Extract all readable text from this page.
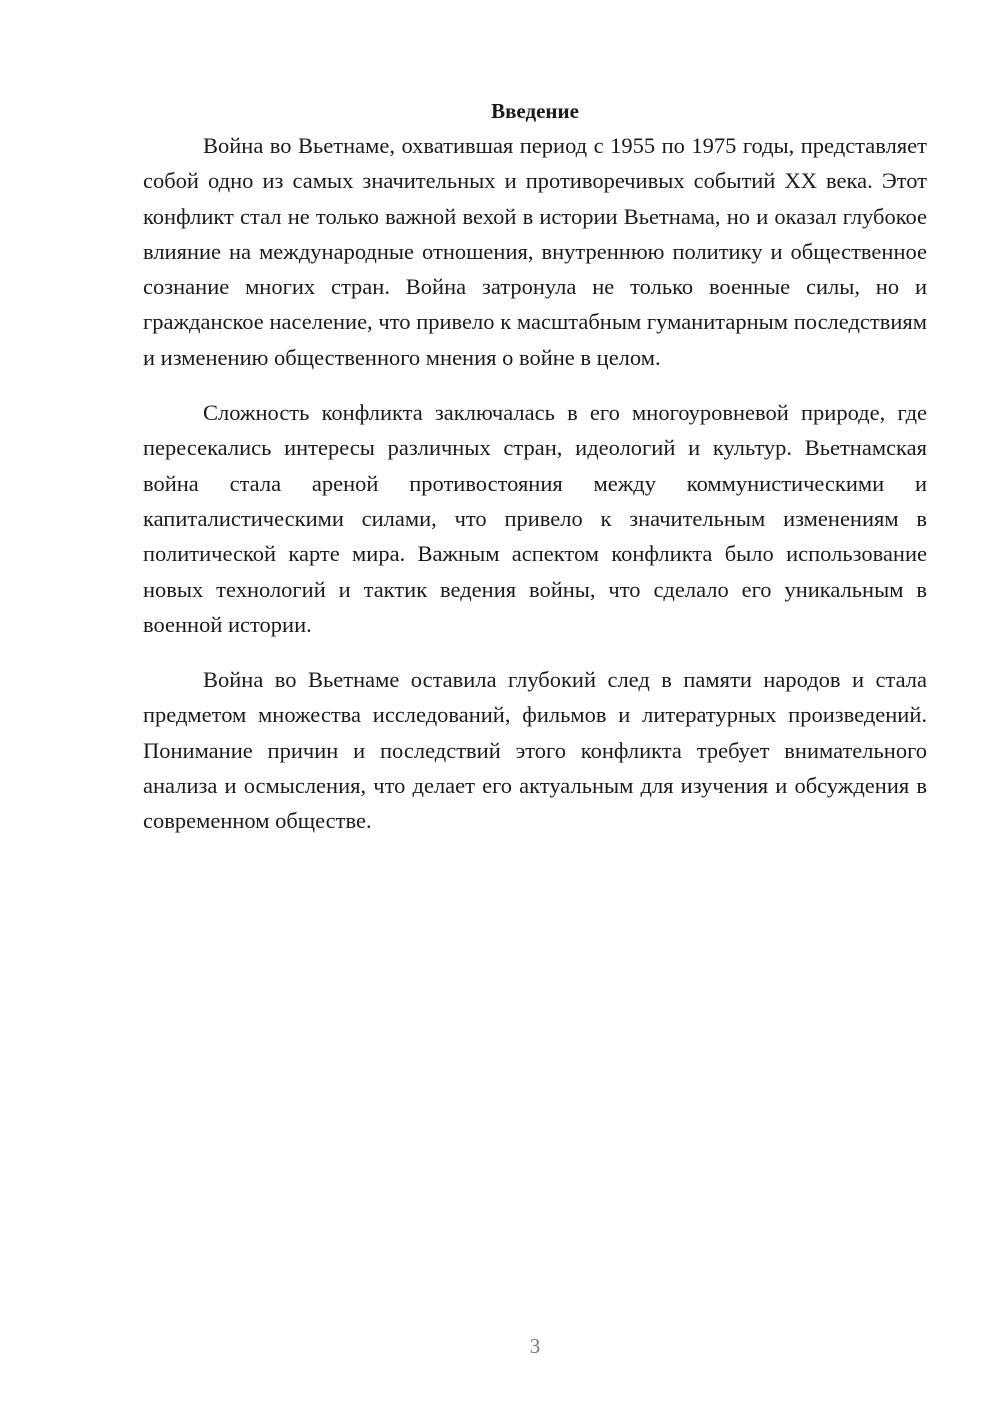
Введение

Война во Вьетнаме, охватившая период с 1955 по 1975 годы, представляет собой одно из самых значительных и противоречивых событий XX века. Этот конфликт стал не только важной вехой в истории Вьетнама, но и оказал глубокое влияние на международные отношения, внутреннюю политику и общественное сознание многих стран. Война затронула не только военные силы, но и гражданское население, что привело к масштабным гуманитарным последствиям и изменению общественного мнения о войне в целом.

Сложность конфликта заключалась в его многоуровневой природе, где пересекались интересы различных стран, идеологий и культур. Вьетнамская война стала ареной противостояния между коммунистическими и капиталистическими силами, что привело к значительным изменениям в политической карте мира. Важным аспектом конфликта было использование новых технологий и тактик ведения войны, что сделало его уникальным в военной истории.

Война во Вьетнаме оставила глубокий след в памяти народов и стала предметом множества исследований, фильмов и литературных произведений. Понимание причин и последствий этого конфликта требует внимательного анализа и осмысления, что делает его актуальным для изучения и обсуждения в современном обществе.

3
